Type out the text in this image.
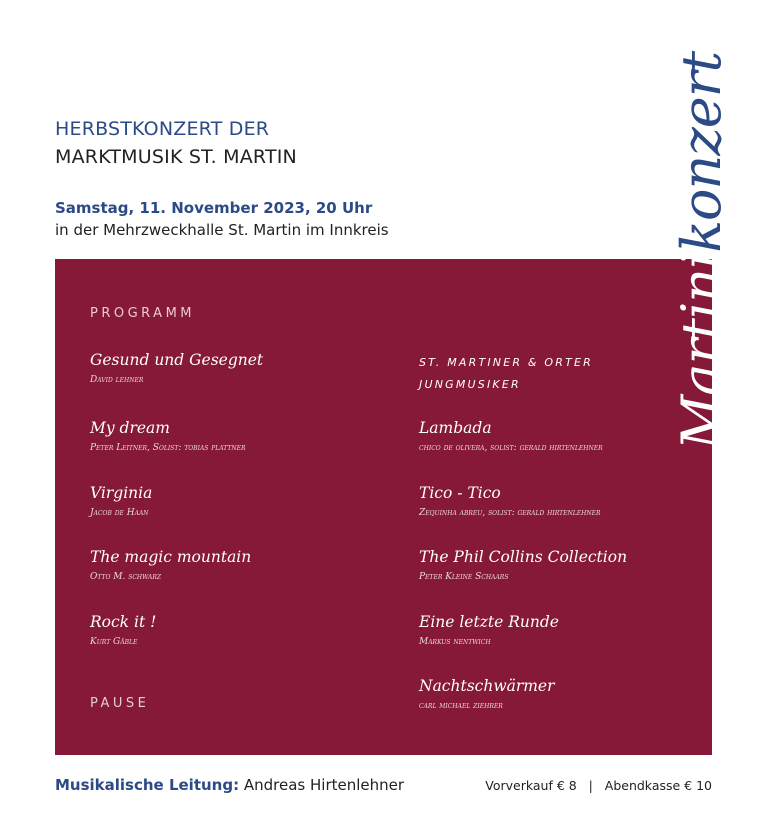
HERBSTKONZERT DER
MARKTMUSIK ST. MARTIN
Samstag, 11. November 2023, 20 Uhr
in der Mehrzweckhalle St. Martin im Innkreis
PROGRAMM
Gesund und Gesegnet
David lehner
My dream
Peter Leitner, Solist: tobias plattner
Virginia
Jacob de Haan
The magic mountain
Otto M. schwarz
Rock it !
Kurt Gäble
PAUSE
ST. MARTINER & ORTER
JUNGMUSIKER
Lambada
chico de olivera, solist: gerald hirtenlehner
Tico - Tico
Zequinha abreu, solist: gerald hirtenlehner
The Phil Collins Collection
Peter Kleine Schaars
Eine letzte Runde
Markus nentwich
Nachtschwärmer
carl michael ziehrer
Martinikonzert
Musikalische Leitung: Andreas Hirtenlehner	Vorverkauf € 8   |   Abendkasse € 10
